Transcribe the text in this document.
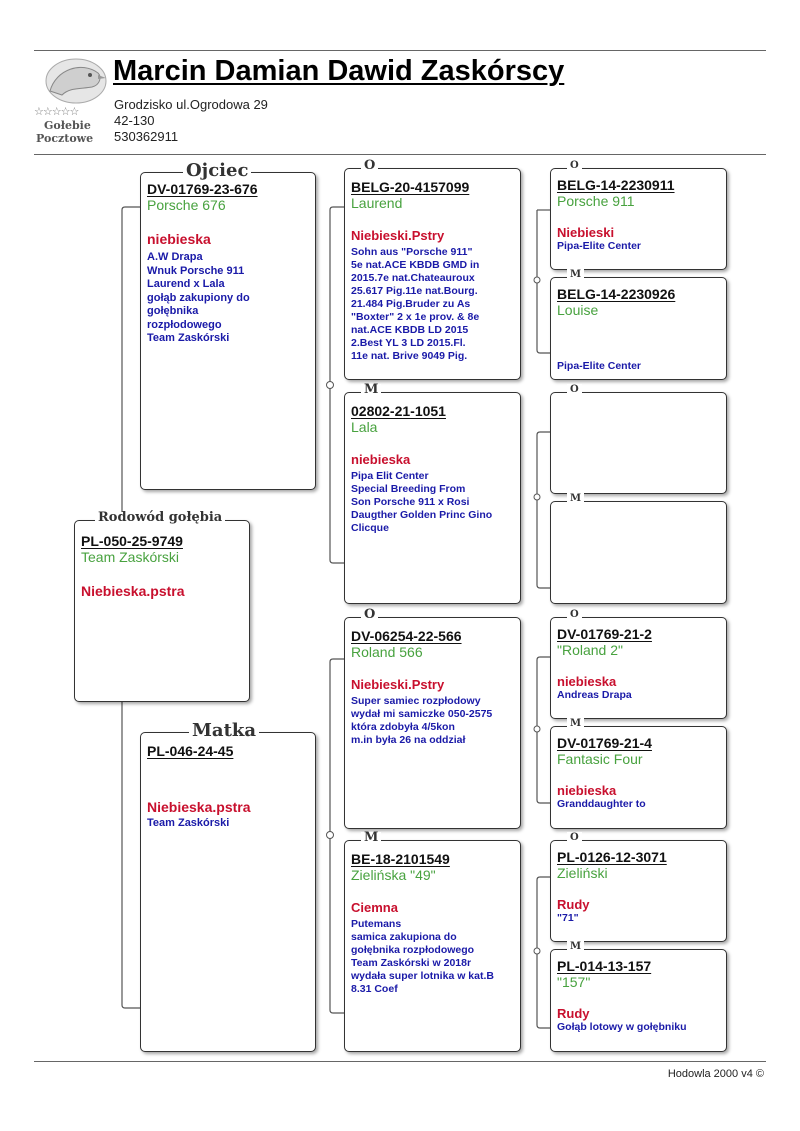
☆☆☆☆☆
Gołebie
Pocztowe
Marcin Damian Dawid Zaskórscy
Grodzisko ul.Ogrodowa 29
42-130
530362911
Rodowód gołębia
PL-050-25-9749
Team Zaskórski
Niebieska.pstra
Ojciec
DV-01769-23-676
Porsche 676
niebieska
A.W Drapa
Wnuk Porsche 911
Laurend x Lala
gołąb zakupiony do
gołębnika
rozpłodowego
Team Zaskórski
Matka
PL-046-24-45
Niebieska.pstra
Team Zaskórski
O
BELG-20-4157099
Laurend
Niebieski.Pstry
Sohn aus "Porsche 911"
5e nat.ACE KBDB GMD in
2015.7e nat.Chateauroux
25.617 Pig.11e nat.Bourg.
21.484 Pig.Bruder zu As
"Boxter" 2 x 1e prov. & 8e
nat.ACE KBDB LD 2015
2.Best YL 3 LD 2015.Fl.
11e nat. Brive 9049 Pig.
M
02802-21-1051
Lala
niebieska
Pipa Elit Center
Special Breeding From
Son Porsche 911 x Rosi
Daugther Golden Princ Gino
Clicque
O
DV-06254-22-566
Roland 566
Niebieski.Pstry
Super samiec rozpłodowy
wydał mi samiczke 050-2575
która zdobyła 4/5kon
m.in była 26 na oddział
M
BE-18-2101549
Zielińska "49"
Ciemna
Putemans
samica zakupiona do
gołębnika rozpłodowego
Team Zaskórski w 2018r
wydała super lotnika w kat.B
8.31 Coef
O
BELG-14-2230911
Porsche 911
Niebieski
Pipa-Elite Center
M
BELG-14-2230926
Louise
Pipa-Elite Center
O
M
O
DV-01769-21-2
"Roland 2"
niebieska
Andreas Drapa
M
DV-01769-21-4
Fantasic Four
niebieska
Granddaughter to
O
PL-0126-12-3071
Zieliński
Rudy
"71"
M
PL-014-13-157
"157"
Rudy
Gołąb lotowy w gołębniku
Hodowla 2000 v4 ©
